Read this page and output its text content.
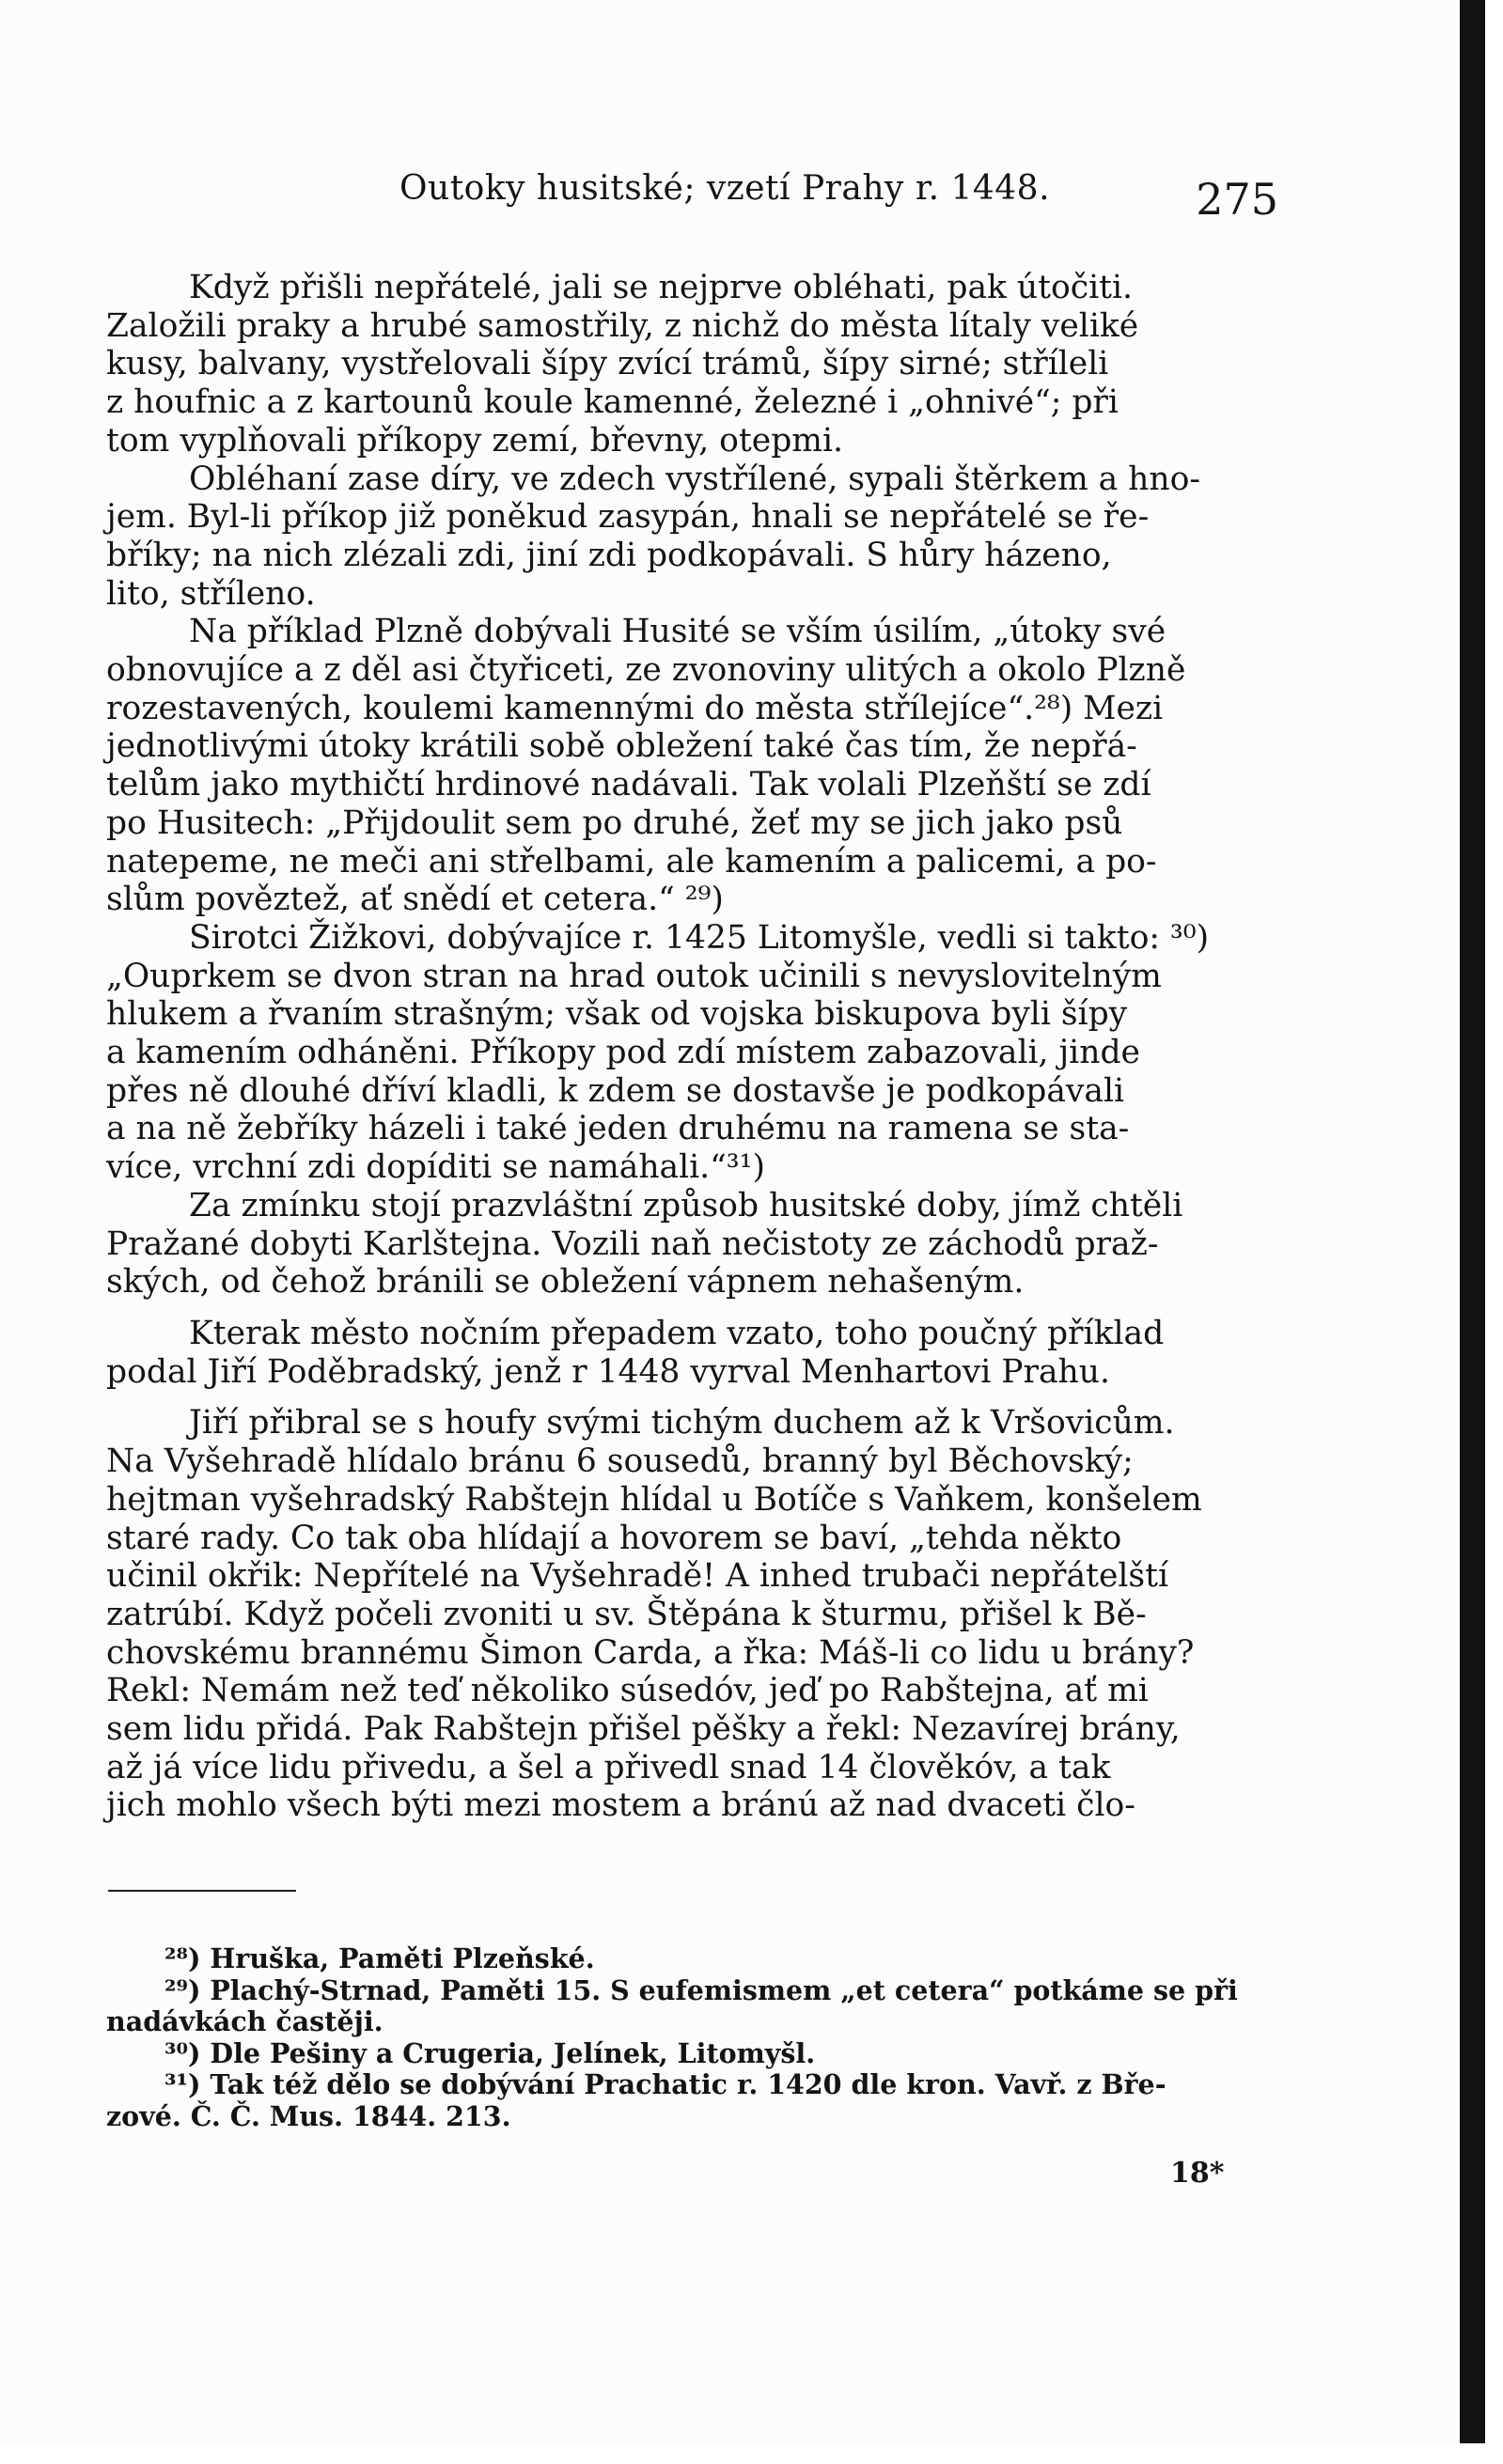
Outoky husitské; vzetí Prahy r. 1448.	275
Když přišli nepřátelé, jali se nejprve obléhati, pak útočiti.
Založili praky a hrubé samostřily, z nichž do města lítaly veliké
kusy, balvany, vystřelovali šípy zvící trámů, šípy sirné; stříleli
z houfnic a z kartounů koule kamenné, železné i „ohnivé“; při
tom vyplňovali příkopy zemí, břevny, otepmi.
Obléhaní zase díry, ve zdech vystřílené, sypali štěrkem a hno-
jem. Byl-li příkop již poněkud zasypán, hnali se nepřátelé se ře-
bříky; na nich zlézali zdi, jiní zdi podkopávali. S hůry házeno,
lito, stříleno.
Na příklad Plzně dobývali Husité se vším úsilím, „útoky své
obnovujíce a z děl asi čtyřiceti, ze zvonoviny ulitých a okolo Plzně
rozestavených, koulemi kamennými do města střílejíce“.²⁸) Mezi
jednotlivými útoky krátili sobě obležení také čas tím, že nepřá-
telům jako mythičtí hrdinové nadávali. Tak volali Plzeňští se zdí
po Husitech: „Přijdoulit sem po druhé, žeť my se jich jako psů
natepeme, ne meči ani střelbami, ale kamením a palicemi, a po-
slům pověztež, ať snědí et cetera.“ ²⁹)
Sirotci Žižkovi, dobývajíce r. 1425 Litomyšle, vedli si takto: ³⁰)
„Ouprkem se dvon stran na hrad outok učinili s nevyslovitelným
hlukem a řvaním strašným; však od vojska biskupova byli šípy
a kamením odháněni. Příkopy pod zdí místem zabazovali, jinde
přes ně dlouhé dříví kladli, k zdem se dostavše je podkopávali
a na ně žebříky házeli i také jeden druhému na ramena se sta-
více, vrchní zdi dopíditi se namáhali.“³¹)
Za zmínku stojí prazvláštní způsob husitské doby, jímž chtěli
Pražané dobyti Karlštejna. Vozili naň nečistoty ze záchodů praž-
ských, od čehož bránili se obležení vápnem nehašeným.
Kterak město nočním přepadem vzato, toho poučný příklad
podal Jiří Poděbradský, jenž r 1448 vyrval Menhartovi Prahu.
Jiří přibral se s houfy svými tichým duchem až k Vršovicům.
Na Vyšehradě hlídalo bránu 6 sousedů, branný byl Běchovský;
hejtman vyšehradský Rabštejn hlídal u Botíče s Vaňkem, konšelem
staré rady. Co tak oba hlídají a hovorem se baví, „tehda někto
učinil okřik: Nepřítelé na Vyšehradě! A inhed trubači nepřátelští
zatrúbí. Když počeli zvoniti u sv. Štěpána k šturmu, přišel k Bě-
chovskému brannému Šimon Carda, a řka: Máš-li co lidu u brány?
Rekl: Nemám než teď několiko súsedóv, jeď po Rabštejna, ať mi
sem lidu přidá. Pak Rabštejn přišel pěšky a řekl: Nezavírej brány,
až já více lidu přivedu, a šel a přivedl snad 14 člověkóv, a tak
jich mohlo všech býti mezi mostem a bránú až nad dvaceti člo-
²⁸) Hruška, Paměti Plzeňské.
²⁹) Plachý-Strnad, Paměti 15. S eufemismem „et cetera“ potkáme se při
nadávkách častěji.
³⁰) Dle Pešiny a Crugeria, Jelínek, Litomyšl.
³¹) Tak též dělo se dobývání Prachatic r. 1420 dle kron. Vavř. z Bře-
zové. Č. Č. Mus. 1844. 213.
18*
